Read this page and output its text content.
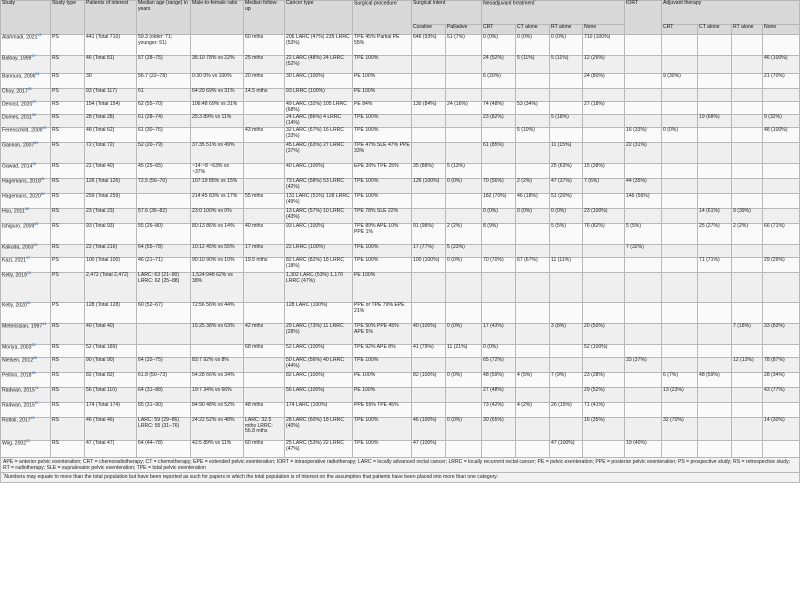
Study	Study type	Patients of interest	Median age (range) in years	Male-to-female ratio	Median follow-up	Cancer type	Surgical procedure*	Surgical intent		Neoadjuvant treatment*				IORT	Adjuvant therapy			
								Curative	Palliative	CRT	CT alone	RT alone	None		CRT	CT alone	RT alone	None
Alahmadi, 2021$^{13}$	PS	441 (Total 710)	59.3 (older: 71; younger: 51)		60 mths	206 LARC (47%) 235 LRRC (53%)	TPE 45% Partial PE 55%	646 (93%)	51 (7%)	0 (0%)	0 (0%)	0 (0%)	710 (100%)					
Balbay, 1999$^{17}$	RS	46 (Total 81)	57 (28–75)	36:10 78% vs 22%	25 mths	22 LARC (48%) 24 LRRC (52%)	TPE 100%			24 (52%)	5 (11%)	5 (11%)	12 (26%)					46 (100%)
Bannura, 2006$^{54}$	RS	30	56.7 (22–78)	0:30 0% vs 100%	20 mths	30 LARC (100%)	PE 100%			6 (20%)			24 (80%)		9 (30%)			21 (70%)
Choy, 2017$^{55}$	PS	93 (Total 117)	61	64:29 69% vs 31%	14.5 mths	93 LRRC (100%)	PE 100%											
Denost, 2020$^{57}$	RS	154 (Total 154)	62 (55–70)	106:48 69% vs 31%		49 LARC (32%) 105 LRRC (68%)	PE 84%	130 (84%)	24 (16%)	74 (48%)	53 (34%)		27 (18%)					
Domes, 2011$^{58}$	RS	28 (Total 28)	61 (28–74)	25:3 89% vs 11%		24 LARC (86%) 4 LRRC (14%)	TPE 100%			23 (82%)		5 (18%)				19 (68%)		9 (32%)
Ferenschild, 2009$^{59}$	RS	48 (Total 62)	61 (30–76)		43 mths	32 LARC (67%) 16 LRRC (33%)	TPE 100%				5 (10%)			16 (33%)	0 (0%)			48 (100%)
Gannon, 2007$^{60}$	RS	72 (Total 72)	52 (20–79)	37:35 51% vs 49%		45 LARC (63%) 27 LRRC (37%)	TPE 47% SLE 47% PPE 33%			61 (85%)		11 (15%)		22 (31%)				
Gawad, 2014$^{28}$	RS	22 (Total 40)	45 (25–65)	~14:~8 ~63% vs ~37%		40 LARC (100%)	EPE 30% TPE 25%	35 (88%)	5 (13%)			25 (63%)	15 (38%)					
Hagemans, 2018$^{61}$	RS	126 (Total 126)	72.5 (56–70)	107:19 85% vs 15%		73 LARC (58%) 53 LRRC (42%)	TPE 100%	126 (100%)	0 (0%)	70 (56%)	2 (2%)	47 (37%)	7 (6%)	44 (35%)				
Hagemans, 2020$^{62}$	RS	259 (Total 259)		214:45 83% vs 17%	55 mths	131 LARC (51%) 128 LRRC (49%)	TPE 100%			182 (70%)	46 (18%)	51 (20%)		146 (56%)				
Hsu, 2011$^{58}$	RS	23 (Total 23)	57.6 (36–82)	23:0 100% vs 0%		13 LARC (57%) 10 LRRC (43%)	TPE 78% SLE 22%			0 (0%)	0 (0%)	0 (0%)	23 (100%)			14 (61%)	9 (39%)	
Ishiguro, 2009$^{63}$	RS	93 (Total 93)	55 (26–80)	80:13 86% vs 14%	40 mths	93 LARC (100%)	TPE 89% APE 10% PPE 1%	91 (98%)	2 (2%)	8 (9%)		5 (5%)	76 (82%)	5 (5%)		25 (27%)	2 (2%)	66 (71%)
Kakuda, 2003$^{50}$	RS	22 (Total 216)	64 (55–78)	10:12 45% vs 55%	17 mths	22 LRRC (100%)	TPE 100%	17 (77%)	5 (23%)					7 (32%)				
Kazi, 2021$^{47}$	PS	100 (Total 100)	46 (21–71)	90:10 90% vs 10%	19.5 mths	82 LARC (82%) 18 LRRC (18%)	TPE 100%	100 (100%)	0 (0%)	70 (70%)	67 (67%)	11 (11%)				71 (71%)		29 (29%)
Kelly, 2019$^{15}$	PS	2,472 (Total 2,472)	LARC: 63 (21–90) LRRC: 62 (25–88)	1,524:948 62% vs 38%		1,302 LARC (53%) 1,170 LRRC (47%)	PE 100%											
Kelly, 2020$^{51}$	PS	128 (Total 128)	60 (52–67)	72:56 56% vs 44%		128 LARC (100%)	PPE or TPE 79% EPE 21%											
Meterissian, 1997$^{44}$	RS	40 (Total 40)		15:25 38% vs 63%	42 mths	29 LARC (73%) 11 LRRC (28%)	TPE 50% PPE 45% APE 5%	40 (100%)	0 (0%)	17 (43%)		3 (8%)	20 (50%)				7 (18%)	33 (83%)
Moriya, 2003$^{65}$	RS	52 (Total 189)			68 mths	52 LARC (100%)	TPE 92% APE 8%	41 (79%)	11 (21%)	0 (0%)			52 (100%)					
Nielsen, 2012$^{66}$	RS	90 (Total 90)	64 (32–75)	83:7 92% vs 8%		50 LARC (56%) 40 LRRC (44%)	TPE 100%			65 (72%)				33 (37%)			12 (13%)	78 (87%)
Pellino, 2018$^{48}$	RS	82 (Total 82)	61.8 (50–73)	54:28 66% vs 34%		82 LARC (100%)	PE 100%	82 (100%)	0 (0%)	48 (59%)	4 (5%)	7 (9%)	23 (28%)		6 (7%)	48 (59%)		28 (34%)
Radwan, 2015$^{11}$	RS	56 (Total 110)	64 (31–88)	19:7 34% vs 66%		56 LARC (100%)	PE 100%			27 (48%)			29 (52%)		13 (23%)			43 (77%)
Radwan, 2015$^{67}$	RS	174 (Total 174)	65 (31–90)	84:90 48% vs 52%	48 mths	174 LARC (100%)	PPE 55% TPE 45%			73 (42%)	4 (2%)	26 (15%)	71 (41%)					
Rottoli, 2017$^{43}$	RS	46 (Total 46)	LARC: 59 (29–86) LRRC: 55 (31–76)	24:22 52% vs 48%	LARC: 32.5 mths LRRC: 56.8 mths	28 LARC (60%) 18 LRRC (40%)	TPE 100%	46 (100%)	0 (0%)	30 (65%)			16 (35%)		32 (70%)			14 (30%)
Wiig, 2002$^{52}$	RS	47 (Total 47)	64 (44–78)	42:5 89% vs 11%	60 mths	25 LARC (53%) 22 LRRC (47%)	TPE 100%	47 (100%)				47 (100%)		19 (40%)				
APE = anterior pelvic exenteration; CRT = chemoradiotherapy; CT = chemotherapy; EPE = extended pelvic exenteration; IORT = intraoperative radiotherapy; LARC = locally advanced rectal cancer; LRRC = locally recurrent rectal cancer; PE = pelvic exenteration; PPE = posterior pelvic exenteration; PS = prospective study; RS = retrospective study; RT = radiotherapy; SLE = supralevator pelvic exenteration; TPE = total pelvic exenteration																		
*Numbers may equate to more than the total population but have been reported as such for papers in which the total population is of interest on the assumption that patients have been placed into more than one category.																		
